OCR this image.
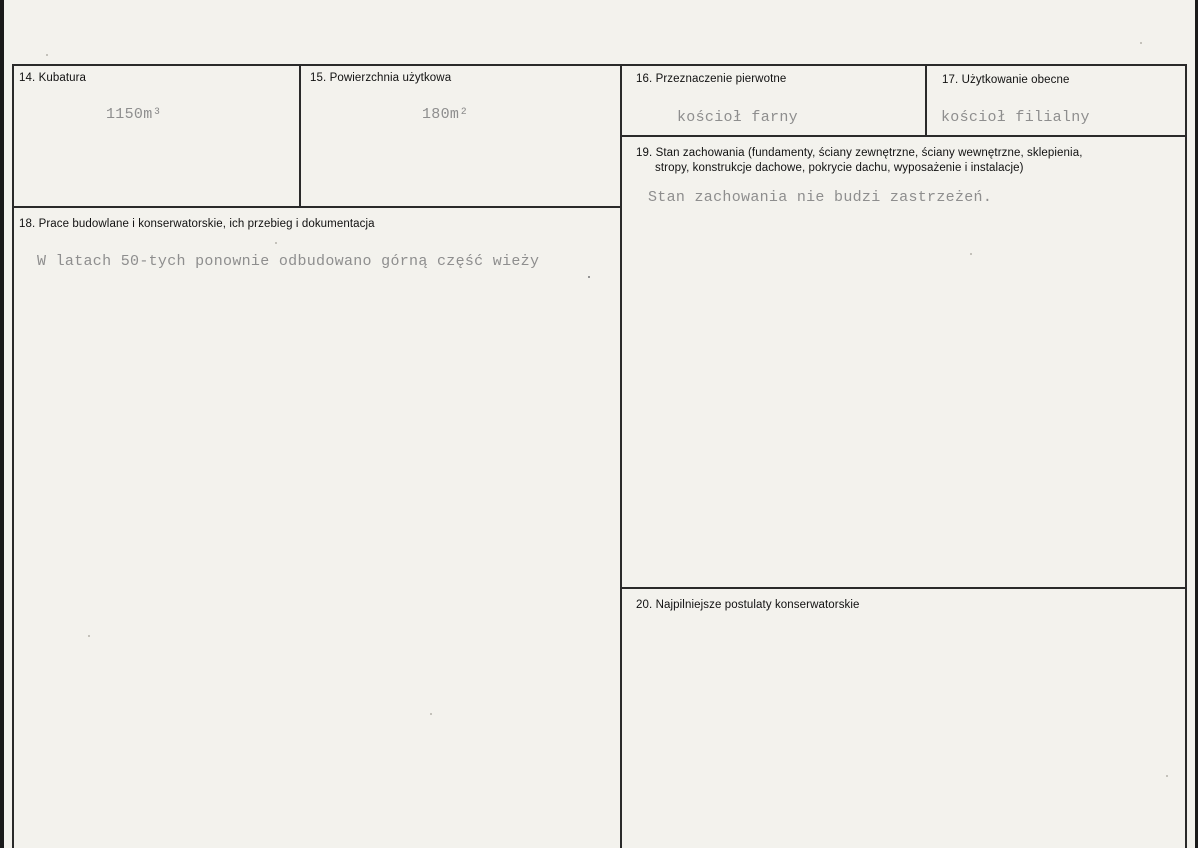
14. Kubatura
1150m³
15. Powierzchnia użytkowa
180m²
16. Przeznaczenie pierwotne
kościoł farny
17. Użytkowanie obecne
kościoł filialny
18. Prace budowlane i konserwatorskie, ich przebieg i dokumentacja
W latach 50-tych ponownie odbudowano górną część wieży
19. Stan zachowania (fundamenty, ściany zewnętrzne, ściany wewnętrzne, sklepienia,
stropy, konstrukcje dachowe, pokrycie dachu, wyposażenie i instalacje)
Stan zachowania nie budzi zastrzeżeń.
20. Najpilniejsze postulaty konserwatorskie
